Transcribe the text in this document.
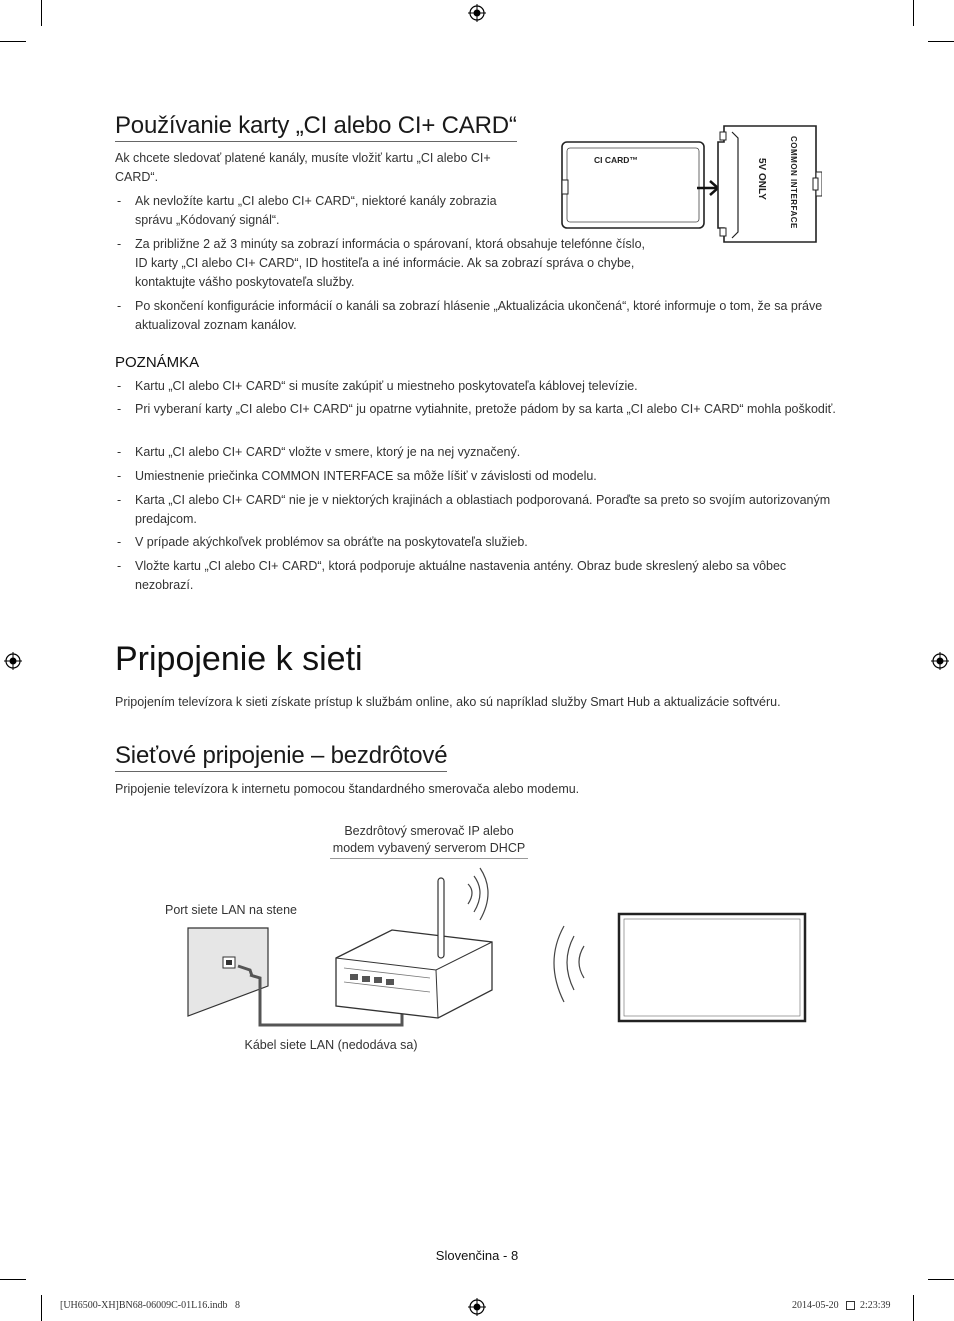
Používanie karty „CI alebo CI+ CARD“
Ak chcete sledovať platené kanály, musíte vložiť kartu „CI alebo CI+ CARD“.
- Ak nevložíte kartu „CI alebo CI+ CARD“, niektoré kanály zobrazia správu „Kódovaný signál“.
- Za približne 2 až 3 minúty sa zobrazí informácia o spárovaní, ktorá obsahuje telefónne číslo, ID karty „CI alebo CI+ CARD“, ID hostiteľa a iné informácie. Ak sa zobrazí správa o chybe, kontaktujte vášho poskytovateľa služby.
- Po skončení konfigurácie informácií o kanáli sa zobrazí hlásenie „Aktualizácia ukončená“, ktoré informuje o tom, že sa práve aktualizoval zoznam kanálov.
CI CARD™	COMMON INTERFACE
5V ONLY
POZNÁMKA
- Kartu „CI alebo CI+ CARD“ si musíte zakúpiť u miestneho poskytovateľa káblovej televízie.
- Pri vyberaní karty „CI alebo CI+ CARD“ ju opatrne vytiahnite, pretože pádom by sa karta „CI alebo CI+ CARD“ mohla poškodiť.
- Kartu „CI alebo CI+ CARD“ vložte v smere, ktorý je na nej vyznačený.
- Umiestnenie priečinka COMMON INTERFACE sa môže líšiť v závislosti od modelu.
- Karta „CI alebo CI+ CARD“ nie je v niektorých krajinách a oblastiach podporovaná. Poraďte sa preto so svojím autorizovaným predajcom.
- V prípade akýchkoľvek problémov sa obráťte na poskytovateľa služieb.
- Vložte kartu „CI alebo CI+ CARD“, ktorá podporuje aktuálne nastavenia antény. Obraz bude skreslený alebo sa vôbec nezobrazí.
Pripojenie k sieti
Pripojením televízora k sieti získate prístup k službám online, ako sú napríklad služby Smart Hub a aktualizácie softvéru.
Sieťové pripojenie – bezdrôtové
Pripojenie televízora k internetu pomocou štandardného smerovača alebo modemu.
Bezdrôtový smerovač IP alebo
modem vybavený serverom DHCP
Port siete LAN na stene
Kábel siete LAN (nedodáva sa)
Slovenčina - 8
[UH6500-XH]BN68-06009C-01L16.indb   8	2014-05-20 2:23:39
